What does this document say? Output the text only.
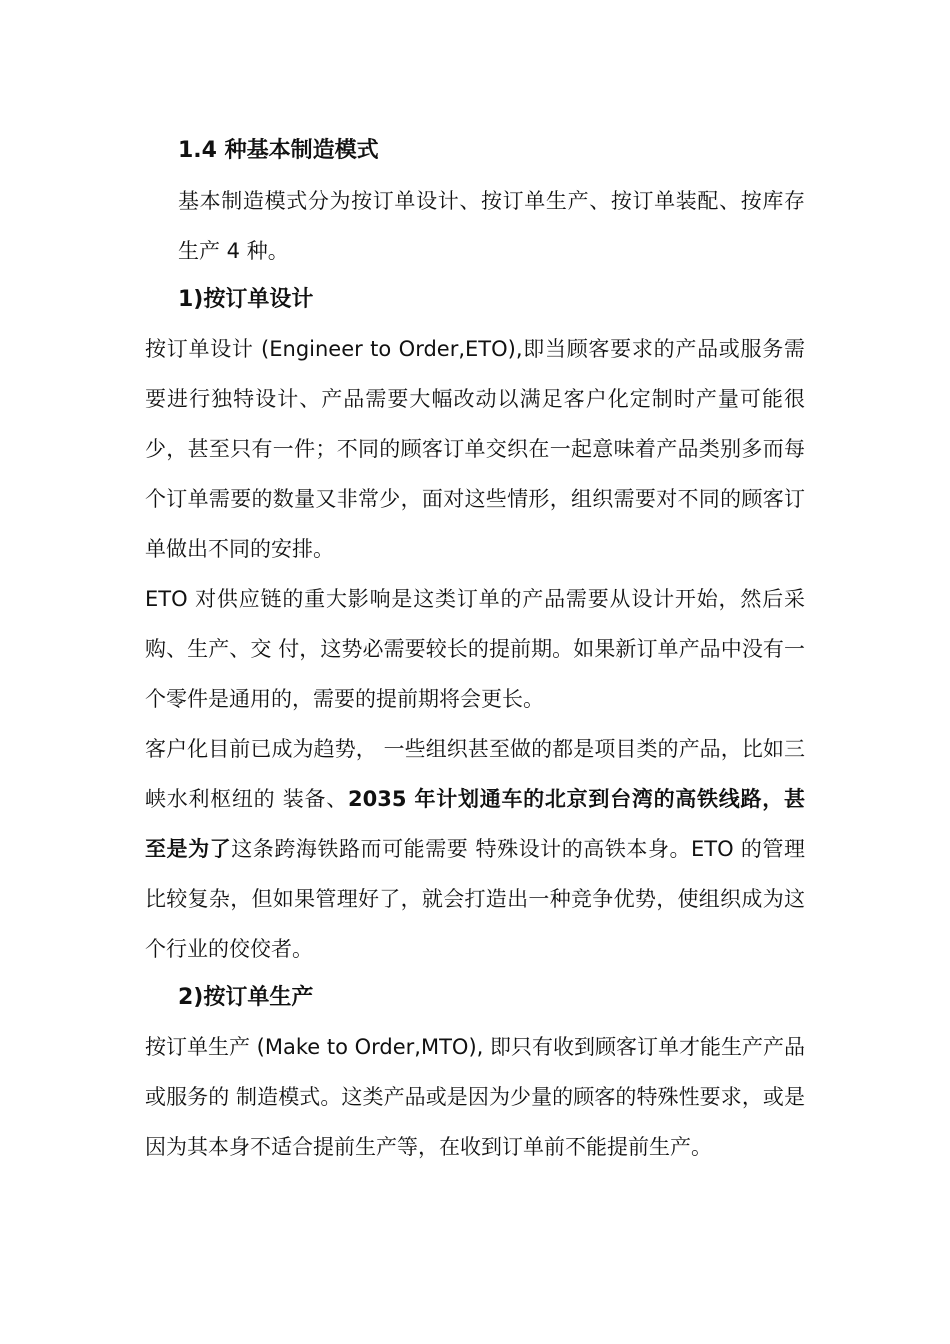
1.4 种基本制造模式

基本制造模式分为按订单设计、按订单生产、按订单装配、按库存生产 4 种。

1)按订单设计

按订单设计 (Engineer to Order,ETO),即当顾客要求的产品或服务需要进行独特设计、产品需要大幅改动以满足客户化定制时产量可能很少，甚至只有一件；不同的顾客订单交织在一起意味着产品类别多而每个订单需要的数量又非常少，面对这些情形，组织需要对不同的顾客订单做出不同的安排。

ETO 对供应链的重大影响是这类订单的产品需要从设计开始，然后采购、生产、交 付，这势必需要较长的提前期。如果新订单产品中没有一个零件是通用的，需要的提前期将会更长。

客户化目前已成为趋势， 一些组织甚至做的都是项目类的产品，比如三峡水利枢纽的 装备、2035 年计划通车的北京到台湾的高铁线路，甚至是为了这条跨海铁路而可能需要 特殊设计的高铁本身。ETO 的管理比较复杂，但如果管理好了，就会打造出一种竞争优势，使组织成为这个行业的佼佼者。

2)按订单生产

按订单生产 (Make to Order,MTO), 即只有收到顾客订单才能生产产品或服务的 制造模式。这类产品或是因为少量的顾客的特殊性要求，或是因为其本身不适合提前生产等，在收到订单前不能提前生产。
